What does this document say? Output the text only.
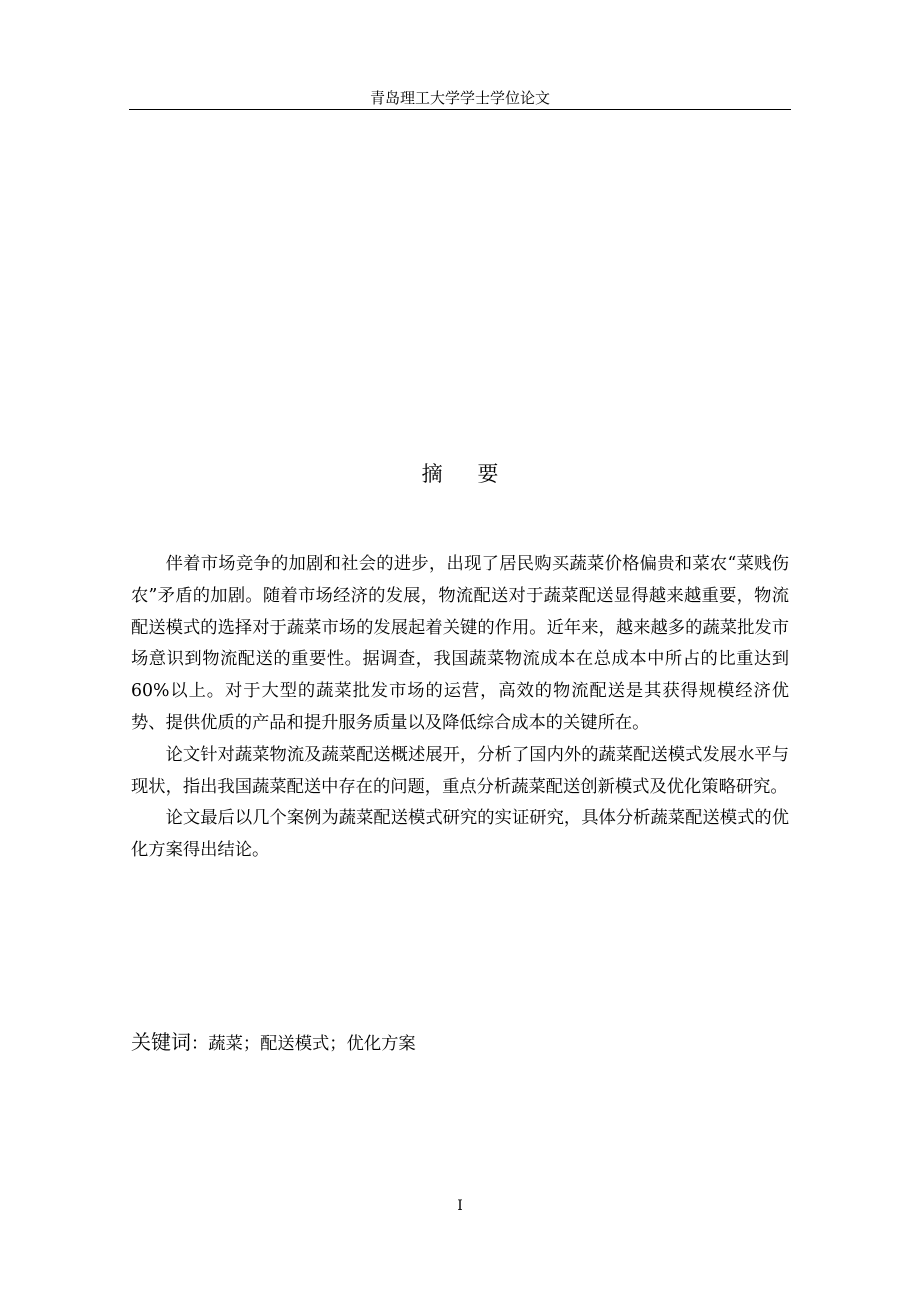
青岛理工大学学士学位论文
摘 要

伴着市场竞争的加剧和社会的进步，出现了居民购买蔬菜价格偏贵和菜农“菜贱伤农”矛盾的加剧。随着市场经济的发展，物流配送对于蔬菜配送显得越来越重要，物流配送模式的选择对于蔬菜市场的发展起着关键的作用。近年来，越来越多的蔬菜批发市场意识到物流配送的重要性。据调查，我国蔬菜物流成本在总成本中所占的比重达到60%以上。对于大型的蔬菜批发市场的运营，高效的物流配送是其获得规模经济优势、提供优质的产品和提升服务质量以及降低综合成本的关键所在。

论文针对蔬菜物流及蔬菜配送概述展开，分析了国内外的蔬菜配送模式发展水平与现状，指出我国蔬菜配送中存在的问题，重点分析蔬菜配送创新模式及优化策略研究。

论文最后以几个案例为蔬菜配送模式研究的实证研究，具体分析蔬菜配送模式的优化方案得出结论。

关键词：蔬菜；配送模式；优化方案
I
